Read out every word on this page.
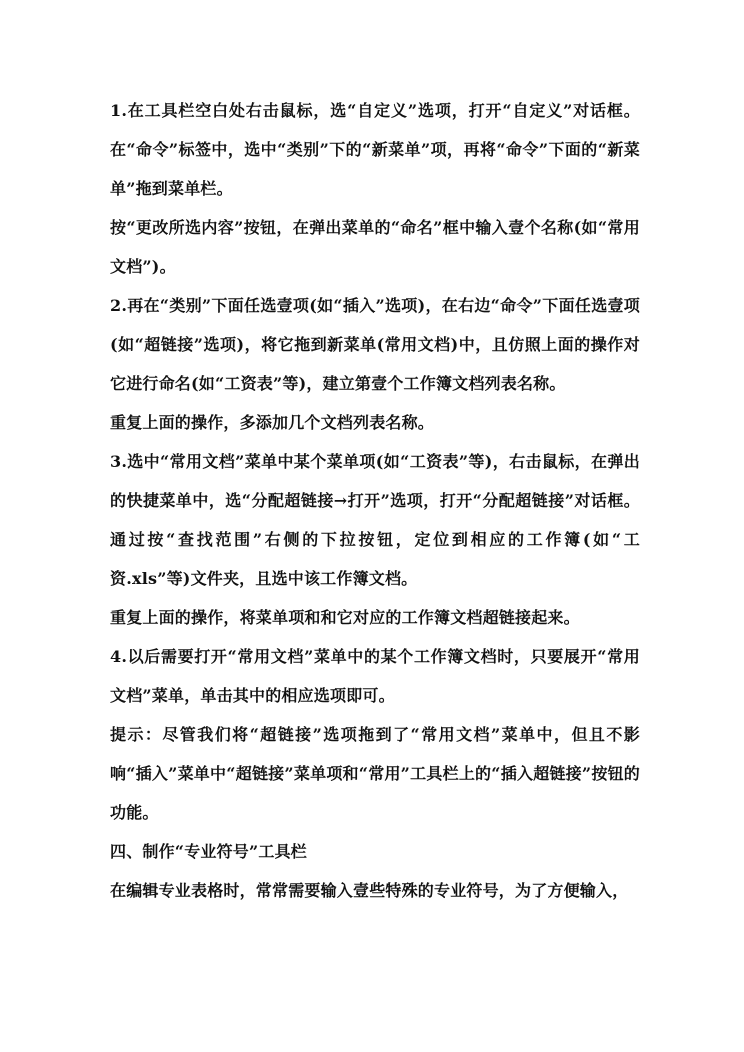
1.在工具栏空白处右击鼠标，选“自定义”选项，打开“自定义”对话框。在“命令”标签中，选中“类别”下的“新菜单”项，再将“命令”下面的“新菜单”拖到菜单栏。

按“更改所选内容”按钮，在弹出菜单的“命名”框中输入壹个名称(如“常用文档”)。

2.再在“类别”下面任选壹项(如“插入”选项)，在右边“命令”下面任选壹项(如“超链接”选项)，将它拖到新菜单(常用文档)中，且仿照上面的操作对它进行命名(如“工资表”等)，建立第壹个工作簿文档列表名称。

重复上面的操作，多添加几个文档列表名称。

3.选中“常用文档”菜单中某个菜单项(如“工资表”等)，右击鼠标，在弹出的快捷菜单中，选“分配超链接→打开”选项，打开“分配超链接”对话框。通过按“查找范围”右侧的下拉按钮，定位到相应的工作簿(如“工资.xls”等)文件夹，且选中该工作簿文档。

重复上面的操作，将菜单项和和它对应的工作簿文档超链接起来。

4.以后需要打开“常用文档”菜单中的某个工作簿文档时，只要展开“常用文档”菜单，单击其中的相应选项即可。

提示：尽管我们将“超链接”选项拖到了“常用文档”菜单中，但且不影响“插入”菜单中“超链接”菜单项和“常用”工具栏上的“插入超链接”按钮的功能。

四、制作“专业符号”工具栏

在编辑专业表格时，常常需要输入壹些特殊的专业符号，为了方便输入，
